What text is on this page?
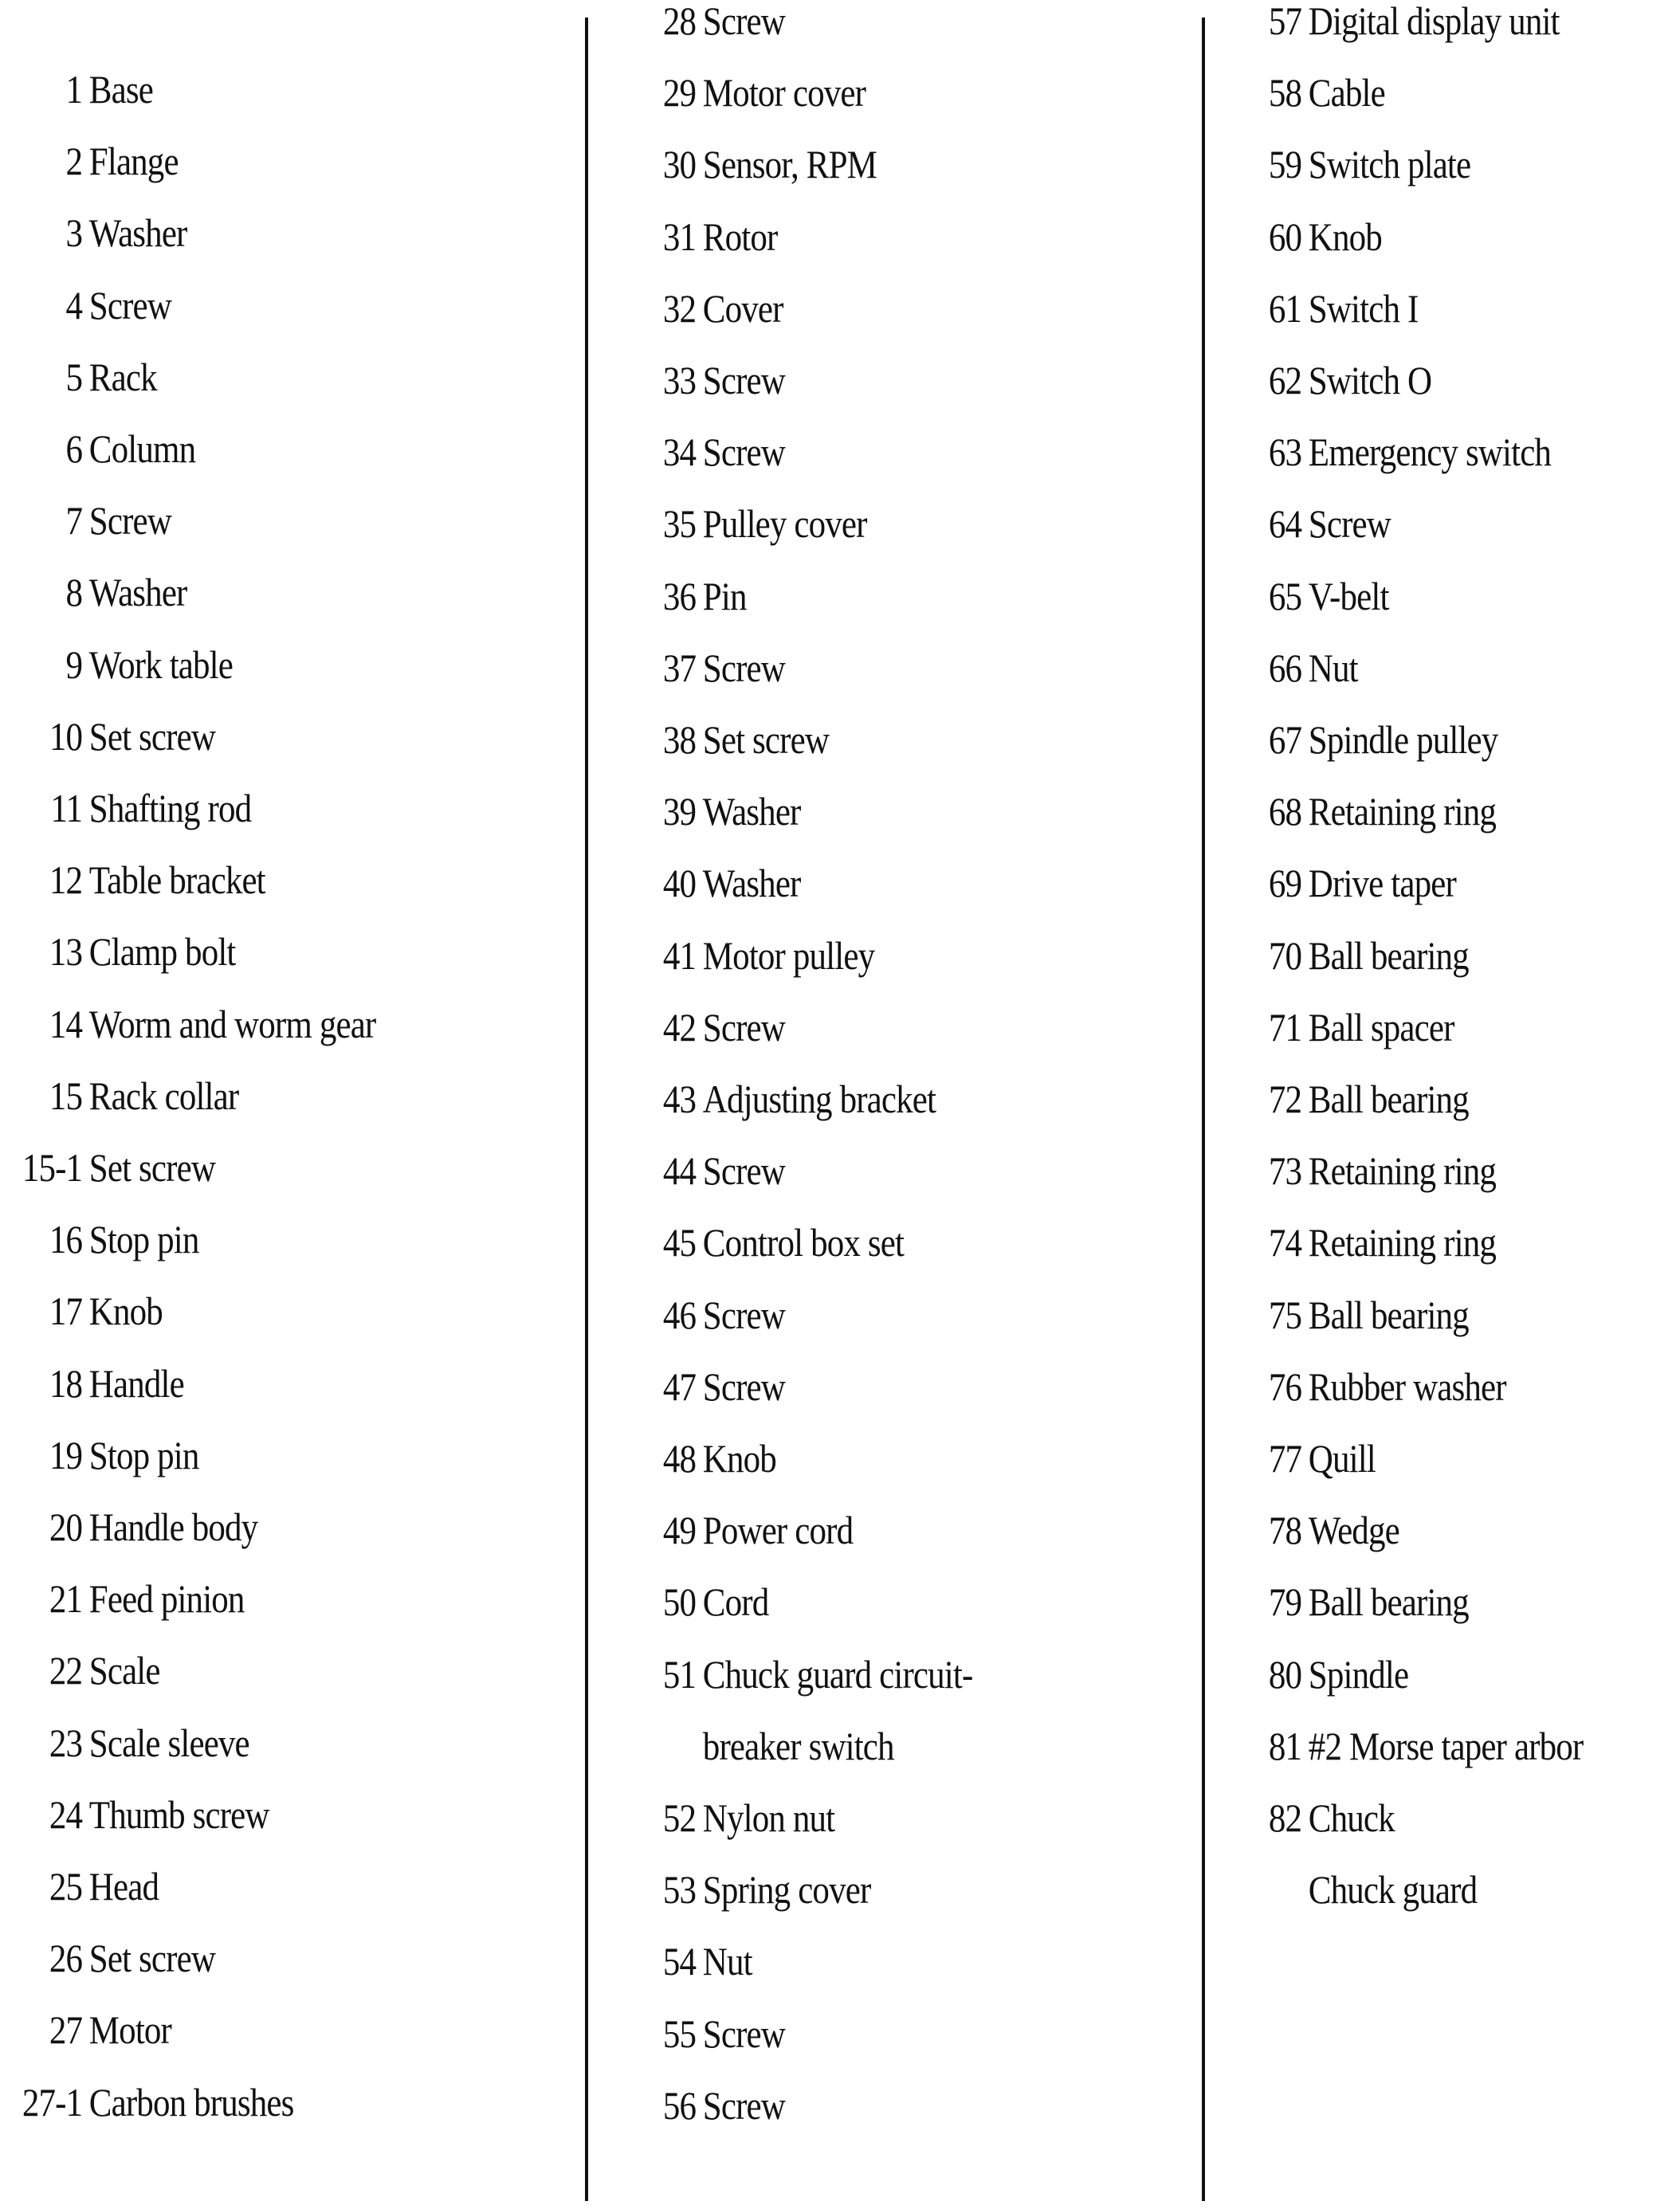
1 Base
2 Flange
3 Washer
4 Screw
5 Rack
6 Column
7 Screw
8 Washer
9 Work table
10 Set screw
11 Shafting rod
12 Table bracket
13 Clamp bolt
14 Worm and worm gear
15 Rack collar
15-1 Set screw
16 Stop pin
17 Knob
18 Handle
19 Stop pin
20 Handle body
21 Feed pinion
22 Scale
23 Scale sleeve
24 Thumb screw
25 Head
26 Set screw
27 Motor
27-1 Carbon brushes
28 Screw
29 Motor cover
30 Sensor, RPM
31 Rotor
32 Cover
33 Screw
34 Screw
35 Pulley cover
36 Pin
37 Screw
38 Set screw
39 Washer
40 Washer
41 Motor pulley
42 Screw
43 Adjusting bracket
44 Screw
45 Control box set
46 Screw
47 Screw
48 Knob
49 Power cord
50 Cord
51 Chuck guard circuit-
breaker switch
52 Nylon nut
53 Spring cover
54 Nut
55 Screw
56 Screw
57 Digital display unit
58 Cable
59 Switch plate
60 Knob
61 Switch I
62 Switch O
63 Emergency switch
64 Screw
65 V-belt
66 Nut
67 Spindle pulley
68 Retaining ring
69 Drive taper
70 Ball bearing
71 Ball spacer
72 Ball bearing
73 Retaining ring
74 Retaining ring
75 Ball bearing
76 Rubber washer
77 Quill
78 Wedge
79 Ball bearing
80 Spindle
81 #2 Morse taper arbor
82 Chuck
Chuck guard
